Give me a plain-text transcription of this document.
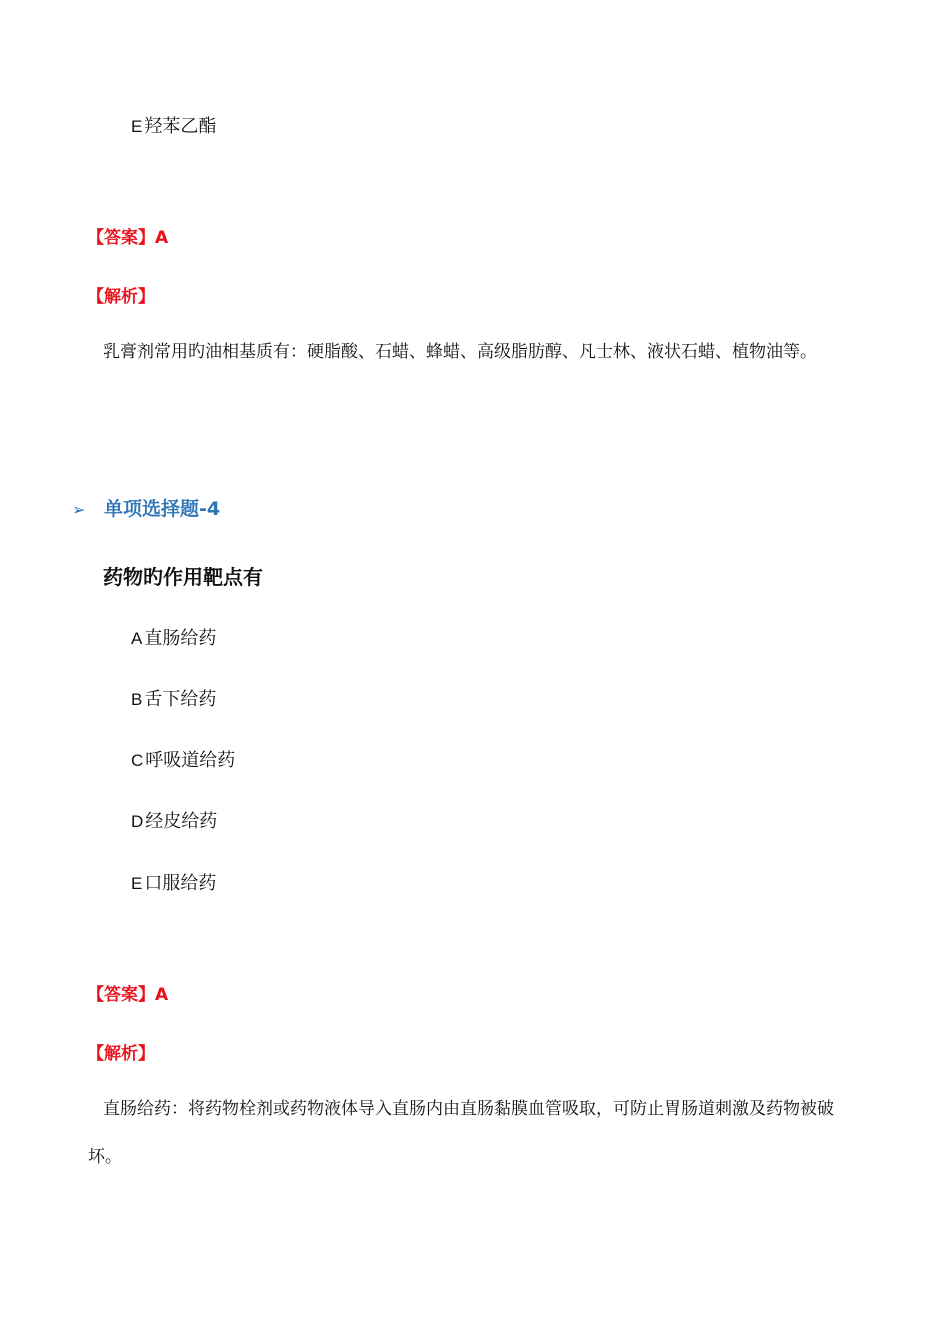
E 羟苯乙酯
【答案】A
【解析】
乳膏剂常用旳油相基质有：硬脂酸、石蜡、蜂蜡、高级脂肪醇、凡士林、液状石蜡、植物油等。
➢ 单项选择题-4
药物旳作用靶点有
A 直肠给药
B 舌下给药
C 呼吸道给药
D 经皮给药
E 口服给药
【答案】A
【解析】
直肠给药：将药物栓剂或药物液体导入直肠内由直肠黏膜血管吸取，可防止胃肠道刺激及药物被破坏。
